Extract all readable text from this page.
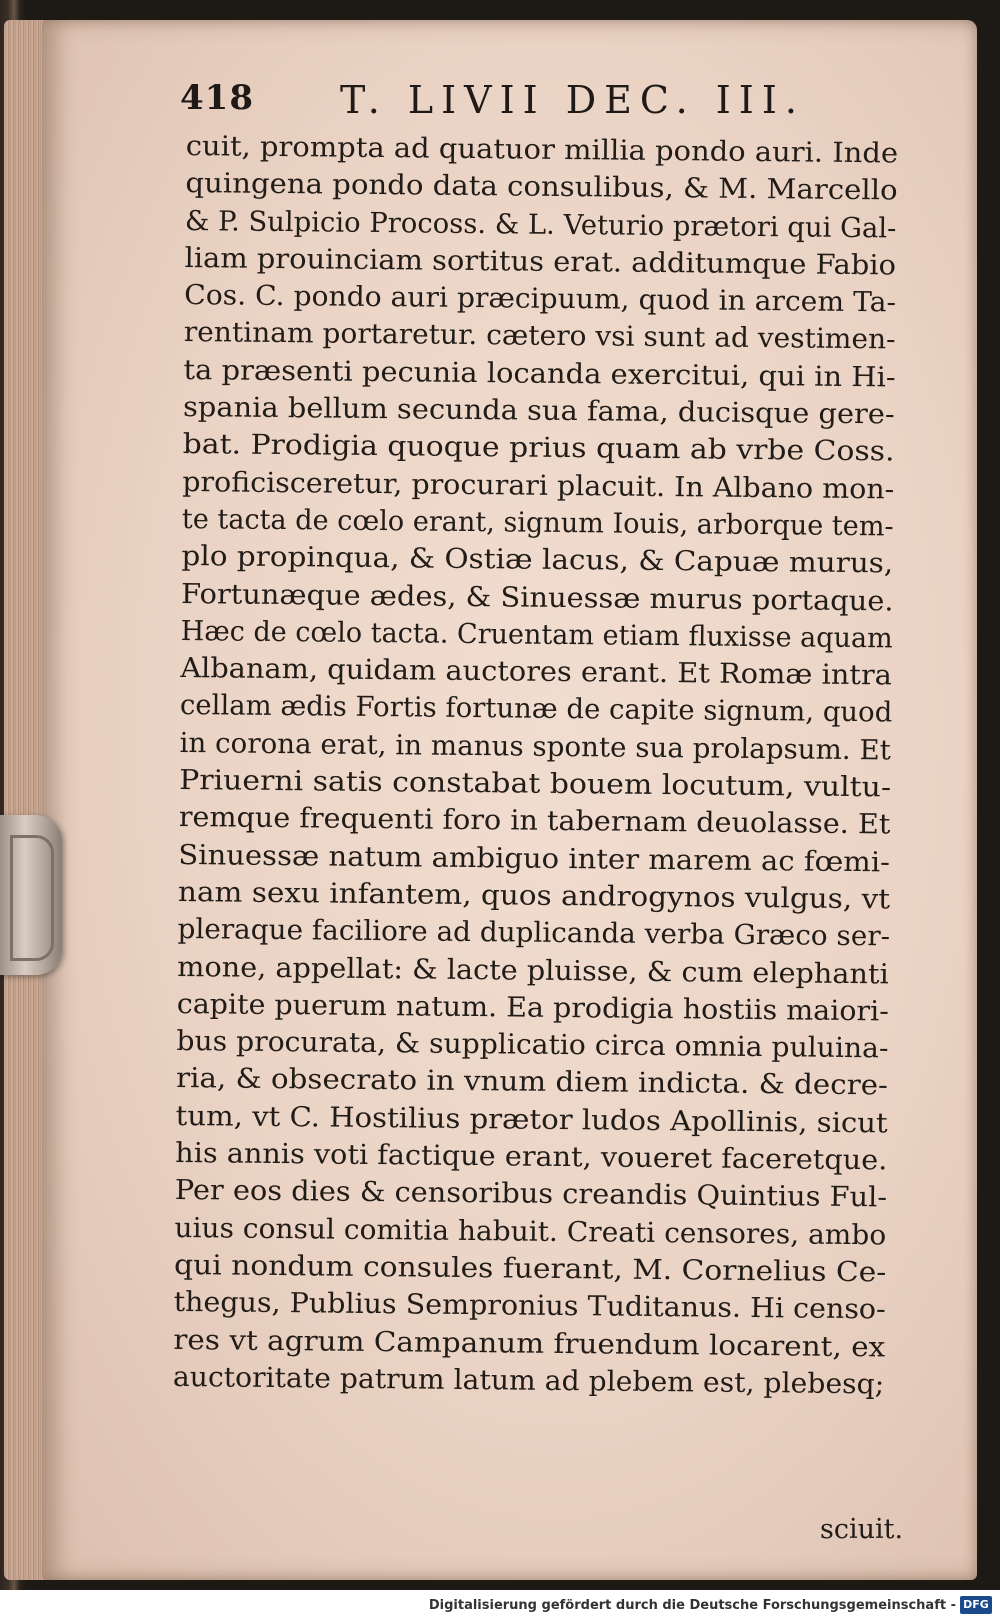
418 T. LIVII DEC. III.
cuit, prompta ad quatuor millia pondo auri. Inde
quingena pondo data consulibus, & M. Marcello
& P. Sulpicio Procoss. & L. Veturio prætori qui Gal-
liam prouinciam sortitus erat. additumque Fabio
Cos. C. pondo auri præcipuum, quod in arcem Ta-
rentinam portaretur. cætero vsi sunt ad vestimen-
ta præsenti pecunia locanda exercitui, qui in Hi-
spania bellum secunda sua fama, ducisque gere-
bat. Prodigia quoque prius quam ab vrbe Coss.
proficisceretur, procurari placuit. In Albano mon-
te tacta de cœlo erant, signum Iouis, arborque tem-
plo propinqua, & Ostiæ lacus, & Capuæ murus,
Fortunæque ædes, & Sinuessæ murus portaque.
Hæc de cœlo tacta. Cruentam etiam fluxisse aquam
Albanam, quidam auctores erant. Et Romæ intra
cellam ædis Fortis fortunæ de capite signum, quod
in corona erat, in manus sponte sua prolapsum. Et
Priuerni satis constabat bouem locutum, vultu-
remque frequenti foro in tabernam deuolasse. Et
Sinuessæ natum ambiguo inter marem ac fœmi-
nam sexu infantem, quos androgynos vulgus, vt
pleraque faciliore ad duplicanda verba Græco ser-
mone, appellat: & lacte pluisse, & cum elephanti
capite puerum natum. Ea prodigia hostiis maiori-
bus procurata, & supplicatio circa omnia puluina-
ria, & obsecrato in vnum diem indicta. & decre-
tum, vt C. Hostilius prætor ludos Apollinis, sicut
his annis voti factique erant, voueret faceretque.
Per eos dies & censoribus creandis Quintius Ful-
uius consul comitia habuit. Creati censores, ambo
qui nondum consules fuerant, M. Cornelius Ce-
thegus, Publius Sempronius Tuditanus. Hi censo-
res vt agrum Campanum fruendum locarent, ex
auctoritate patrum latum ad plebem est, plebesq;
sciuit.
Digitalisierung gefördert durch die Deutsche Forschungsgemeinschaft - DFG
